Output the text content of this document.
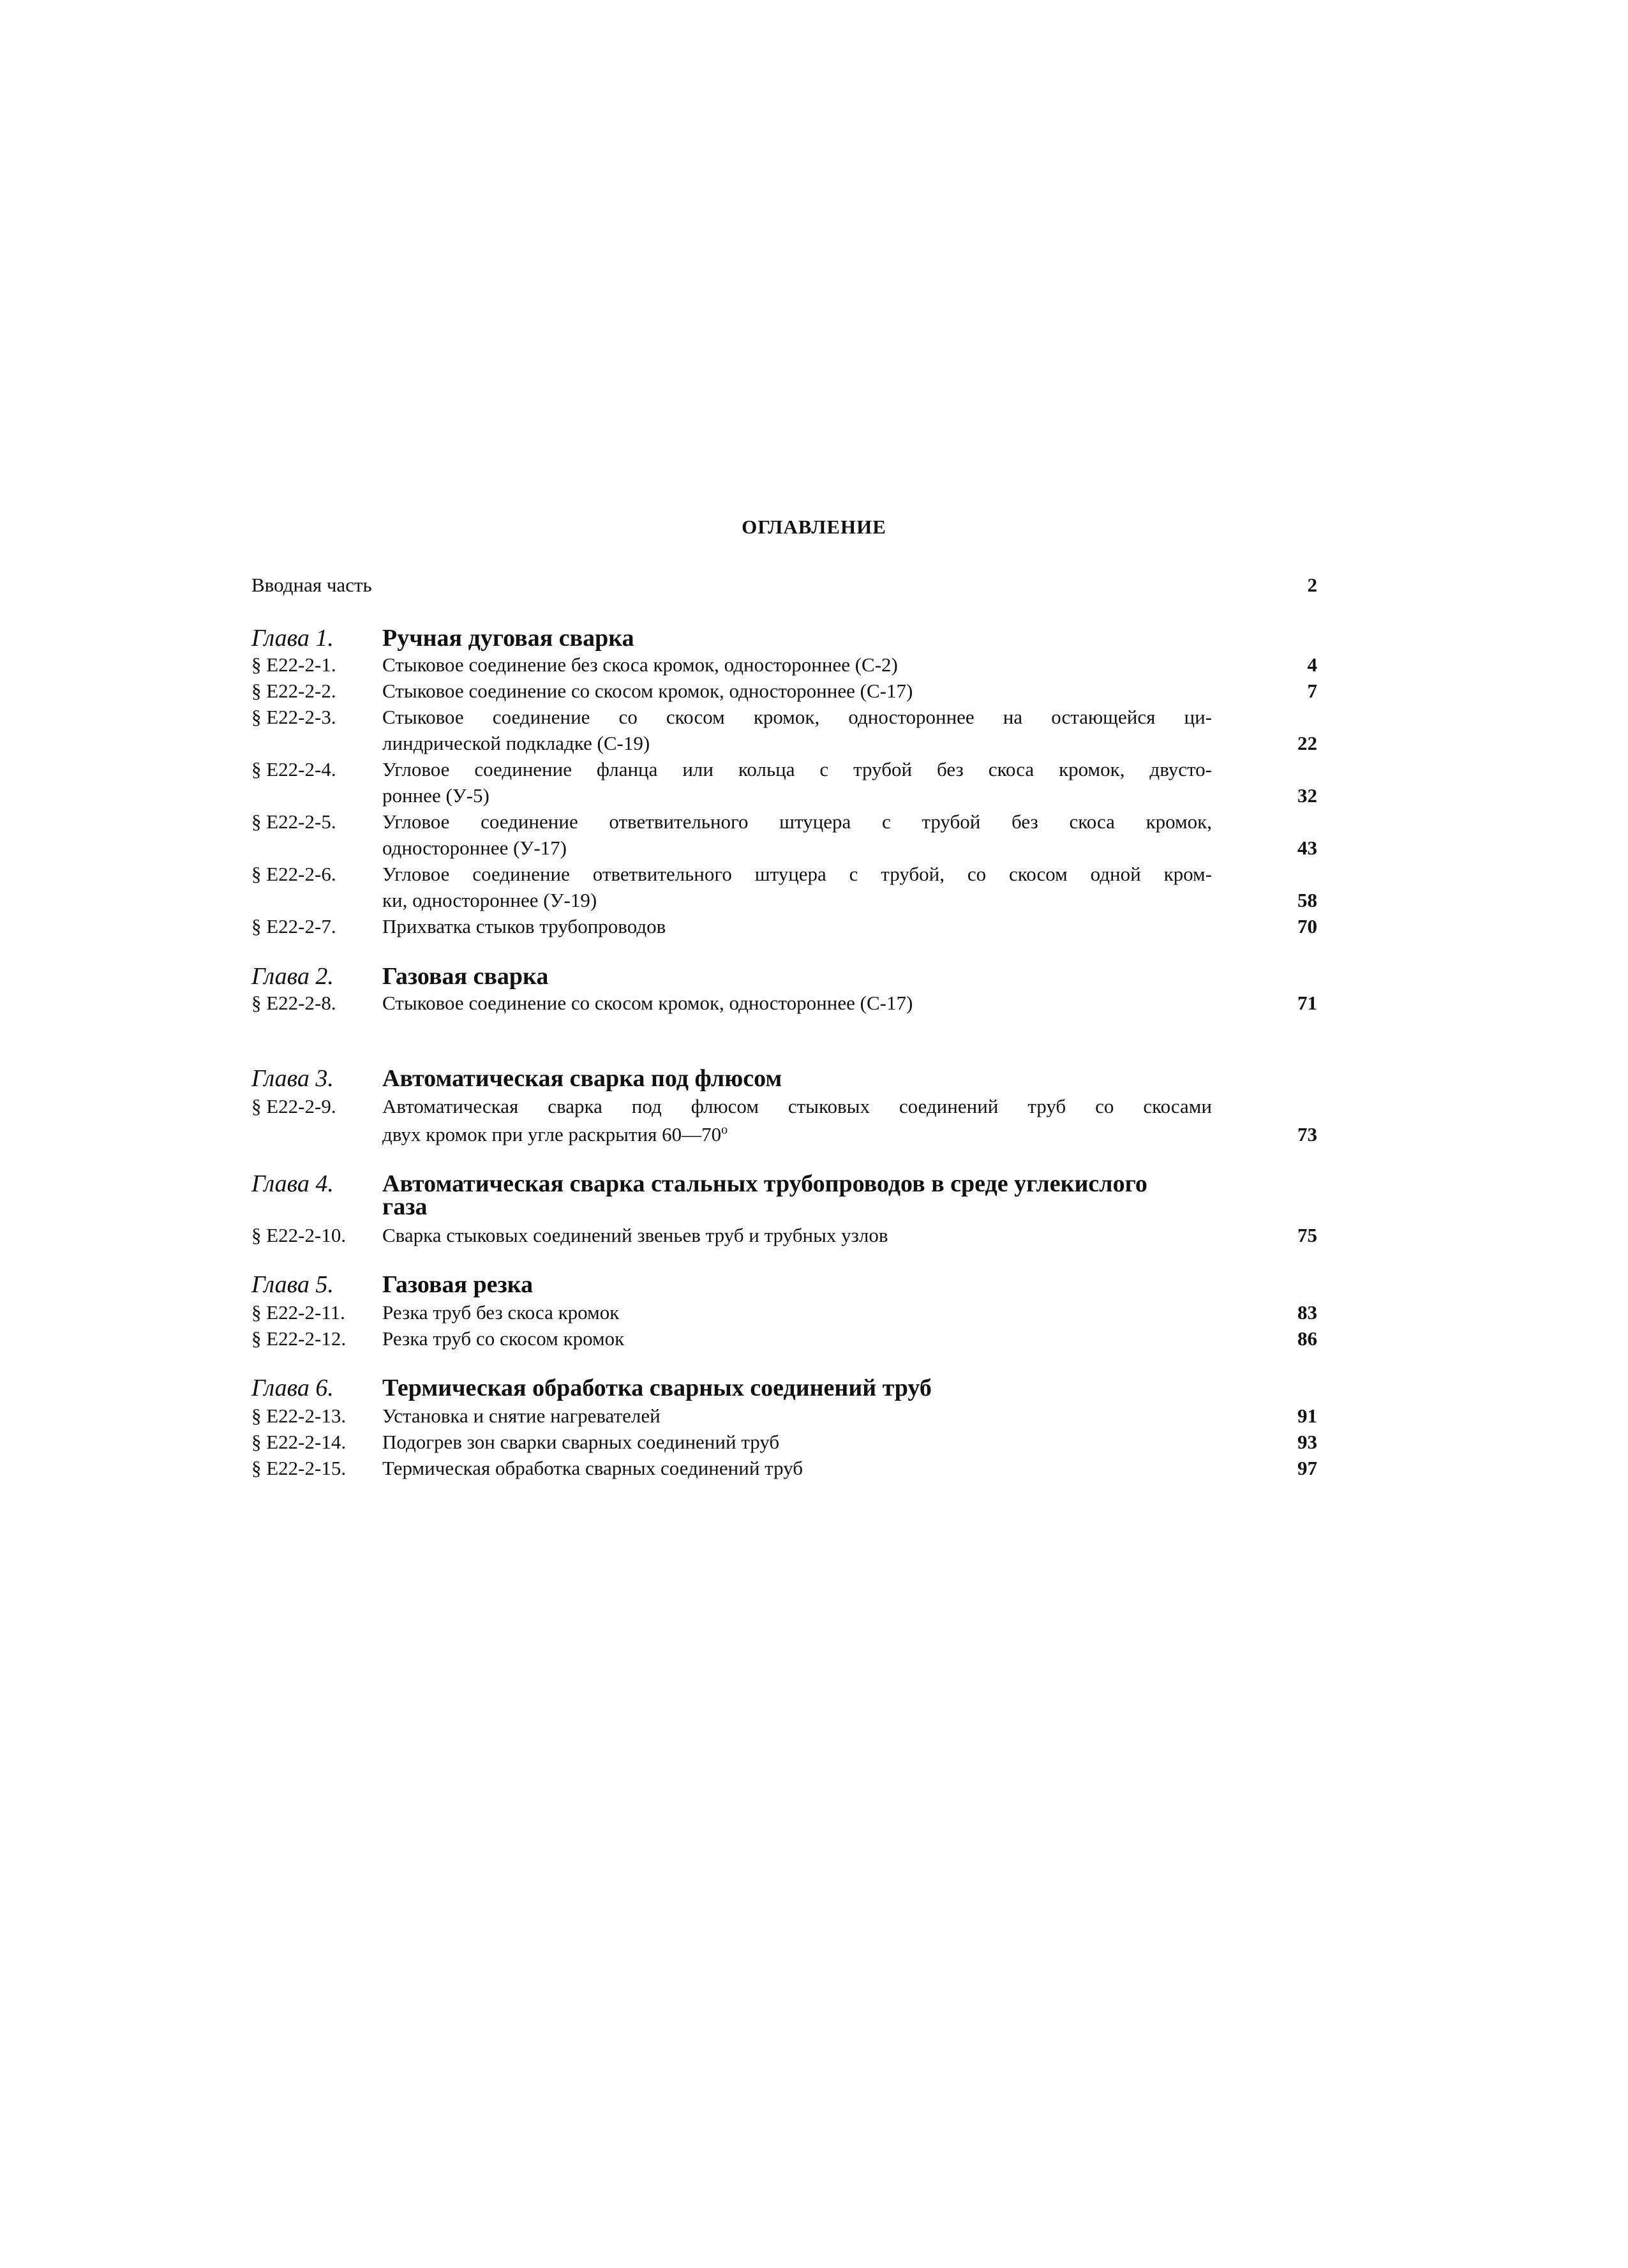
ОГЛАВЛЕНИЕ
Вводная часть	2
Глава 1. Ручная дуговая сварка
§ Е22-2-1. Стыковое соединение без скоса кромок, одностороннее (С-2)	4
§ Е22-2-2. Стыковое соединение со скосом кромок, одностороннее (С-17)	7
§ Е22-2-3. Стыковое соединение со скосом кромок, одностороннее на остающейся ци-
линдрической подкладке (С-19)	22
§ Е22-2-4. Угловое соединение фланца или кольца с трубой без скоса кромок, двусто-
роннее (У-5)	32
§ Е22-2-5. Угловое соединение ответвительного штуцера с трубой без скоса кромок,
одностороннее (У-17)	43
§ Е22-2-6. Угловое соединение ответвительного штуцера с трубой, со скосом одной кром-
ки, одностороннее (У-19)	58
§ Е22-2-7. Прихватка стыков трубопроводов	70
Глава 2. Газовая сварка
§ Е22-2-8. Стыковое соединение со скосом кромок, одностороннее (С-17)	71
Глава 3. Автоматическая сварка под флюсом
§ Е22-2-9. Автоматическая сварка под флюсом стыковых соединений труб со скосами
двух кромок при угле раскрытия $60—70^о$	73
Глава 4. Автоматическая сварка стальных трубопроводов в среде углекислого
газа
§ Е22-2-10. Сварка стыковых соединений звеньев труб и трубных узлов	75
Глава 5. Газовая резка
§ Е22-2-11. Резка труб без скоса кромок	83
§ Е22-2-12. Резка труб со скосом кромок	86
Глава 6. Термическая обработка сварных соединений труб
§ Е22-2-13. Установка и снятие нагревателей	91
§ Е22-2-14. Подогрев зон сварки сварных соединений труб	93
§ Е22-2-15. Термическая обработка сварных соединений труб	97
